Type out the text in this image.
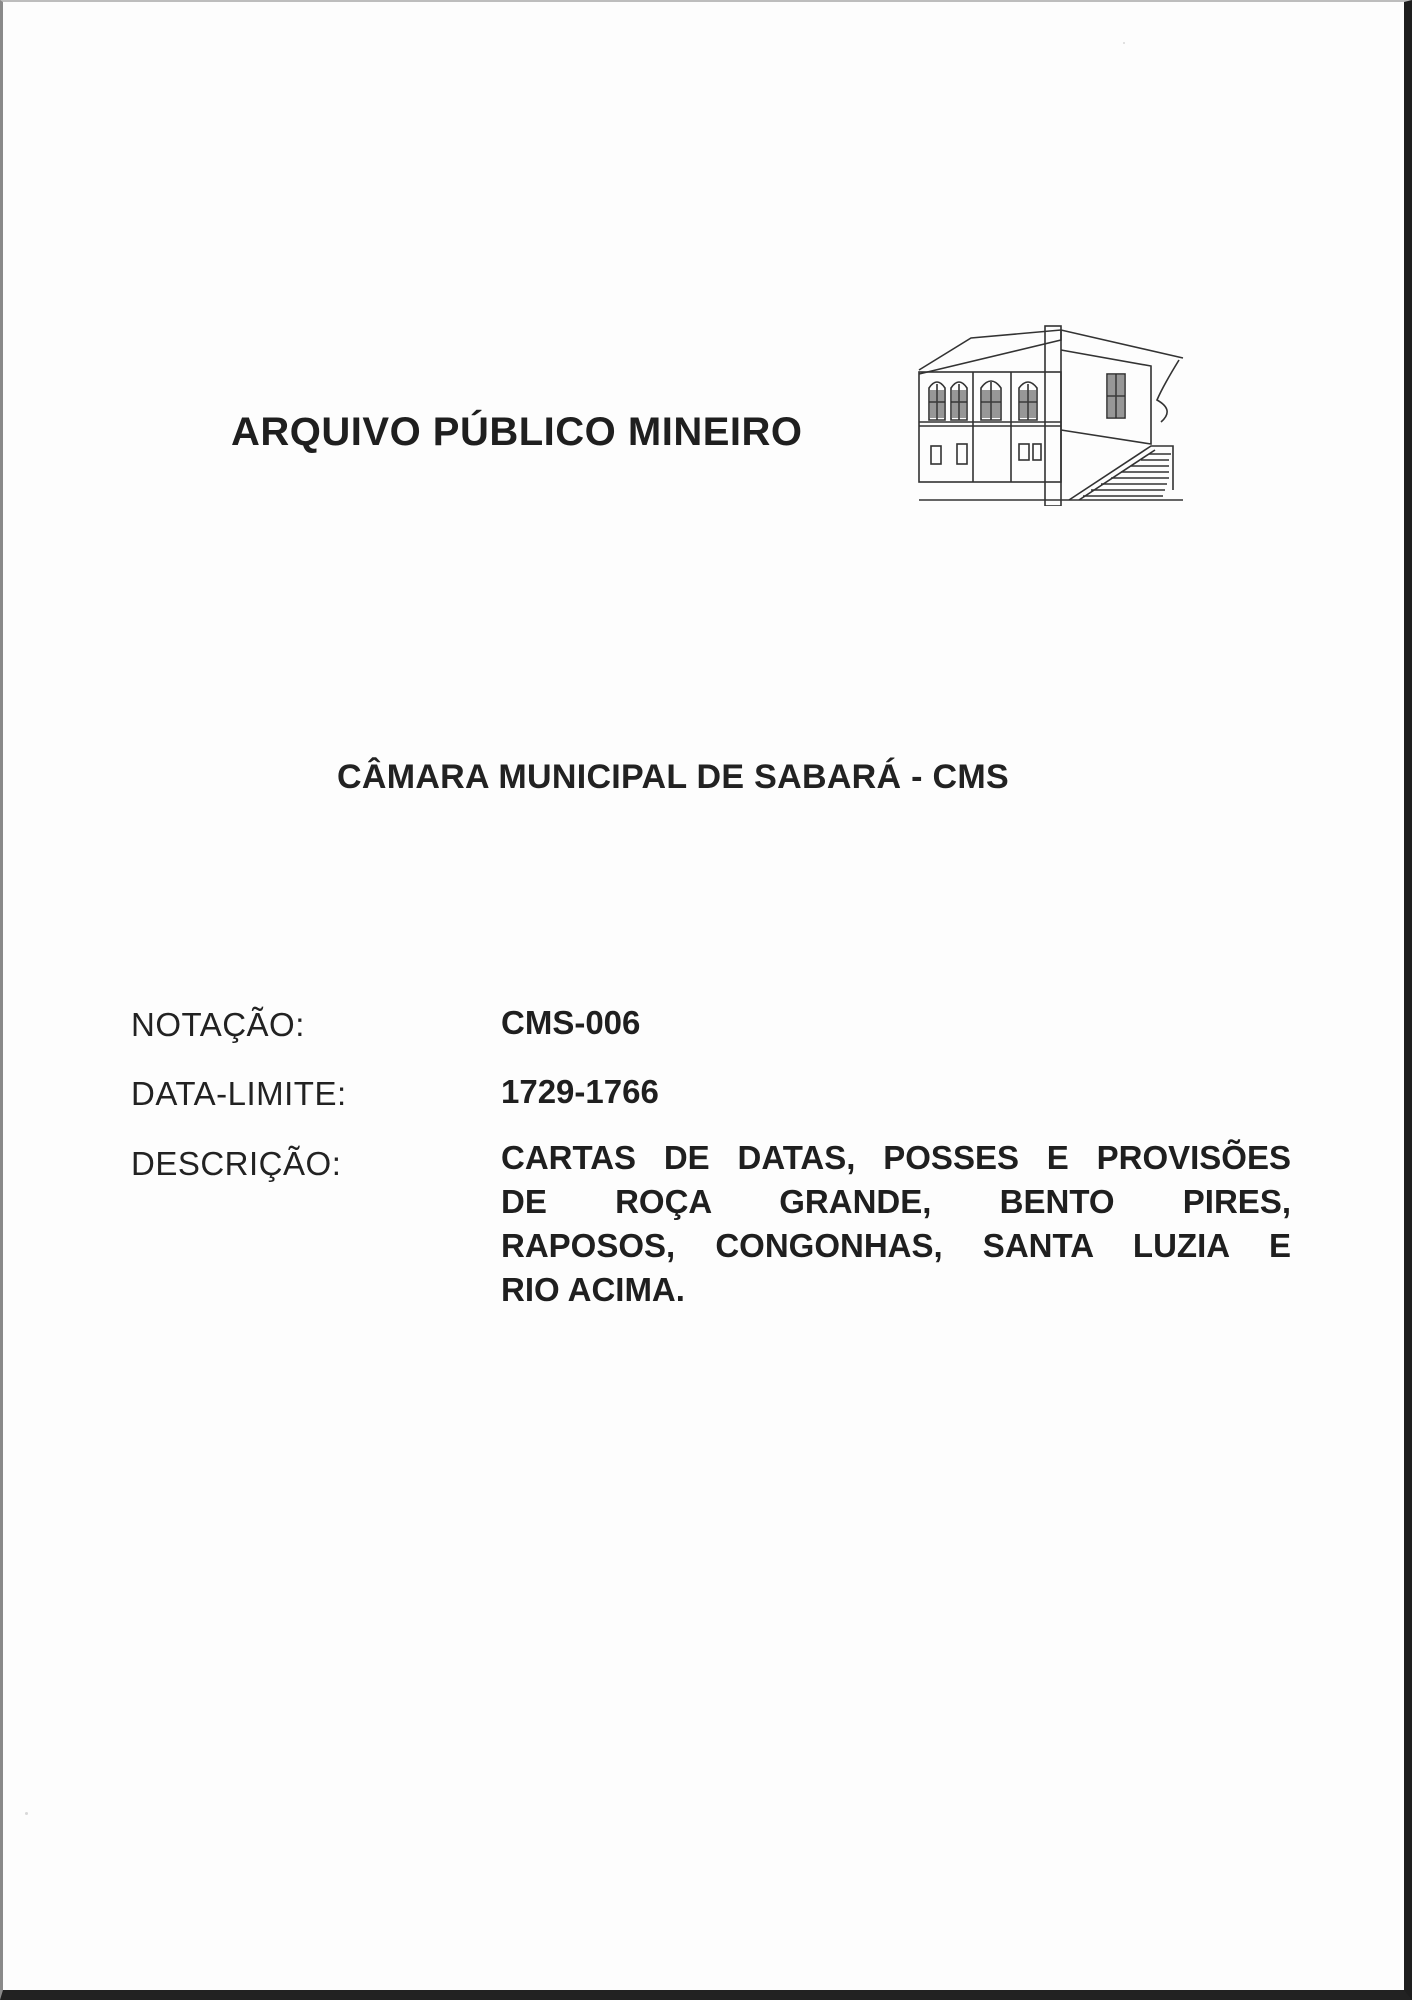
ARQUIVO PÚBLICO MINEIRO
CÂMARA MUNICIPAL DE SABARÁ - CMS
NOTAÇÃO:	CMS-006
DATA-LIMITE:	1729-1766
DESCRIÇÃO:	CARTAS DE DATAS, POSSES E PROVISÕES
DE ROÇA GRANDE, BENTO PIRES,
RAPOSOS, CONGONHAS, SANTA LUZIA E
RIO ACIMA.
